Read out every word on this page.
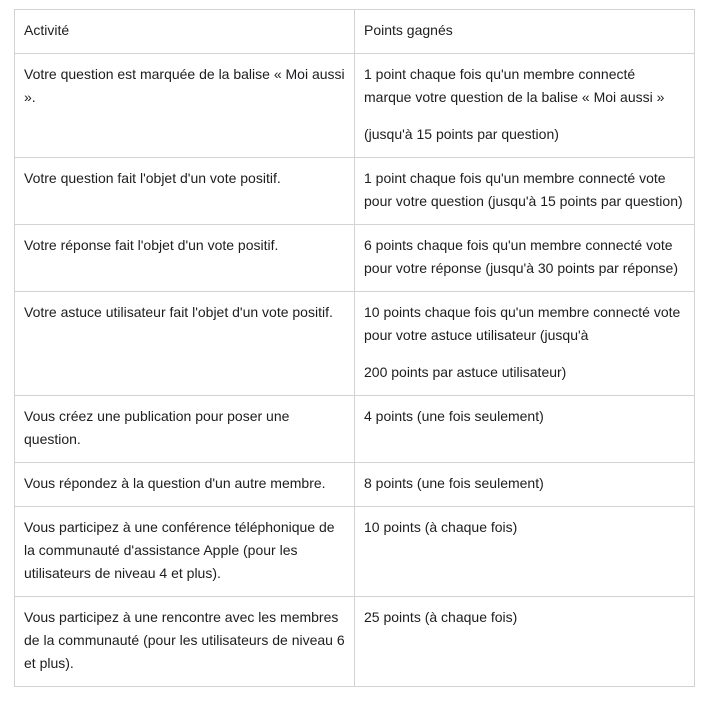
Activité	Points gagnés
Votre question est marquée de la balise « Moi aussi ».	1 point chaque fois qu'un membre connecté marque votre question de la balise « Moi aussi »

(jusqu'à 15 points par question)

Votre question fait l'objet d'un vote positif.	1 point chaque fois qu'un membre connecté vote pour votre question (jusqu'à 15 points par question)
Votre réponse fait l'objet d'un vote positif.	6 points chaque fois qu'un membre connecté vote pour votre réponse (jusqu'à 30 points par réponse)
Votre astuce utilisateur fait l'objet d'un vote positif.	10 points chaque fois qu'un membre connecté vote pour votre astuce utilisateur (jusqu'à

200 points par astuce utilisateur)

Vous créez une publication pour poser une question.	4 points (une fois seulement)
Vous répondez à la question d'un autre membre.	8 points (une fois seulement)
Vous participez à une conférence téléphonique de la communauté d'assistance Apple (pour les utilisateurs de niveau 4 et plus).	10 points (à chaque fois)
Vous participez à une rencontre avec les membres de la communauté (pour les utilisateurs de niveau 6 et plus).	25 points (à chaque fois)
